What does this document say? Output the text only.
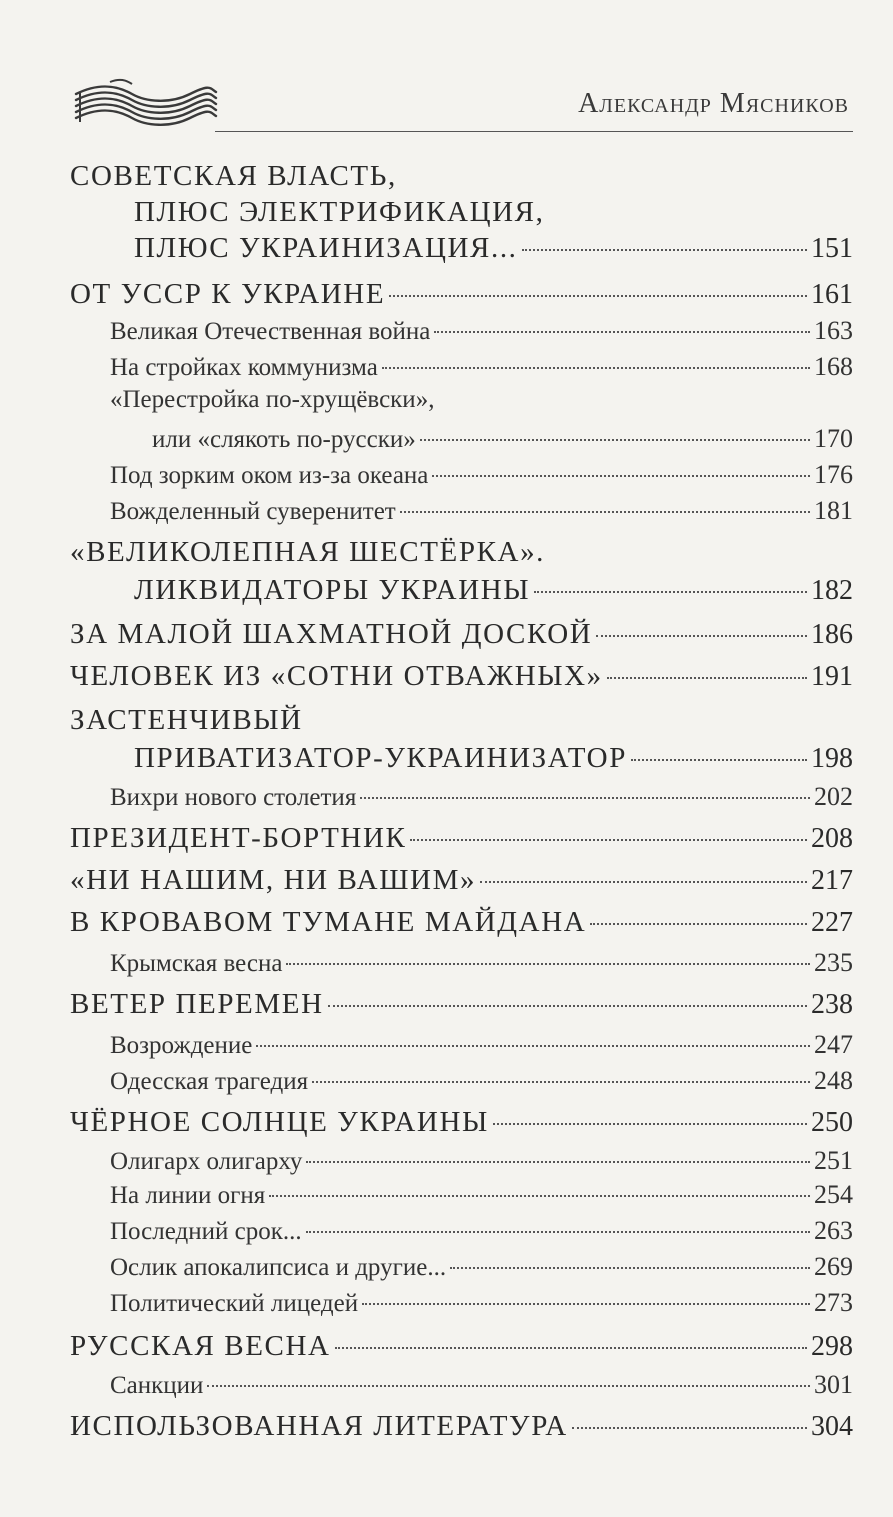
Александр Мясников
СОВЕТСКАЯ ВЛАСТЬ,
ПЛЮС ЭЛЕКТРИФИКАЦИЯ,
ПЛЮС УКРАИНИЗАЦИЯ...	151
ОТ УССР К УКРАИНЕ	161
Великая Отечественная война	163
На стройках коммунизма	168
«Перестройка по-хрущёвски»,
или «слякоть по-русски»	170
Под зорким оком из-за океана	176
Вожделенный суверенитет	181
«ВЕЛИКОЛЕПНАЯ ШЕСТЁРКА».
ЛИКВИДАТОРЫ УКРАИНЫ	182
ЗА МАЛОЙ ШАХМАТНОЙ ДОСКОЙ	186
ЧЕЛОВЕК ИЗ «СОТНИ ОТВАЖНЫХ»	191
ЗАСТЕНЧИВЫЙ
ПРИВАТИЗАТОР-УКРАИНИЗАТОР	198
Вихри нового столетия	202
ПРЕЗИДЕНТ-БОРТНИК	208
«НИ НАШИМ, НИ ВАШИМ»	217
В КРОВАВОМ ТУМАНЕ МАЙДАНА	227
Крымская весна	235
ВЕТЕР ПЕРЕМЕН	238
Возрождение	247
Одесская трагедия	248
ЧЁРНОЕ СОЛНЦЕ УКРАИНЫ	250
Олигарх олигарху	251
На линии огня	254
Последний срок...	263
Ослик апокалипсиса и другие...	269
Политический лицедей	273
РУССКАЯ ВЕСНА	298
Санкции	301
ИСПОЛЬЗОВАННАЯ ЛИТЕРАТУРА	304
